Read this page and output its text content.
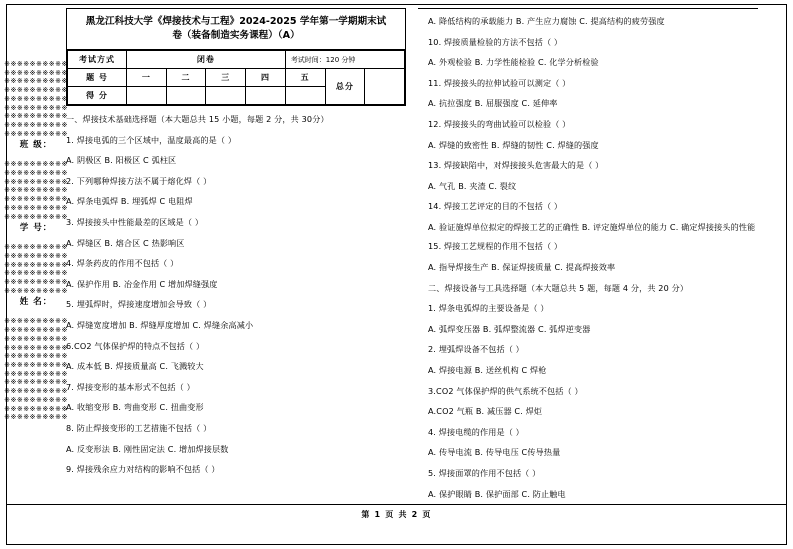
※※※※※※※※※※
※※※※※※※※※※
※※※※※※※※※※
※※※※※※※※※※
※※※※※※※※※※
※※※※※※※※※※
※※※※※※※※※※
※※※※※※※※※※
※※※※※※※※※※
班 级：
※※※※※※※※※※
※※※※※※※※※※
※※※※※※※※※※
※※※※※※※※※※
※※※※※※※※※※
※※※※※※※※※※
※※※※※※※※※※
学 号：
※※※※※※※※※※
※※※※※※※※※※
※※※※※※※※※※
※※※※※※※※※※
※※※※※※※※※※
※※※※※※※※※※
姓 名：
※※※※※※※※※※
※※※※※※※※※※
※※※※※※※※※※
※※※※※※※※※※
※※※※※※※※※※
※※※※※※※※※※
※※※※※※※※※※
※※※※※※※※※※
※※※※※※※※※※
※※※※※※※※※※
※※※※※※※※※※
※※※※※※※※※※
黑龙江科技大学《焊接技术与工程》2024-2025 学年第一学期期末试
卷（装备制造实务课程）（A）
考试方式	闭卷				考试时间：120 分钟		
题 号	一	二	三	四	五	总分	
得 分							
一、焊接技术基础选择题（本大题总共 15 小题，每题 2 分，共 30分）
1. 焊接电弧的三个区域中，温度最高的是（ ）
A. 阴极区 B. 阳极区 C 弧柱区
2. 下列哪种焊接方法不属于熔化焊（ ）
A. 焊条电弧焊 B. 埋弧焊 C 电阻焊
3. 焊接接头中性能最差的区域是（ ）
A. 焊缝区 B. 熔合区 C 热影响区
4. 焊条药皮的作用不包括（ ）
A. 保护作用 B. 冶金作用 C 增加焊缝强度
5. 埋弧焊时，焊接速度增加会导致（ ）
A. 焊缝宽度增加 B. 焊缝厚度增加 C. 焊缝余高减小
6.CO2 气体保护焊的特点不包括（ ）
A. 成本低 B. 焊接质量高 C. 飞溅较大
7. 焊接变形的基本形式不包括（ ）
A. 收缩变形 B. 弯曲变形 C. 扭曲变形
8. 防止焊接变形的工艺措施不包括（ ）
A. 反变形法 B. 刚性固定法 C. 增加焊接层数
9. 焊接残余应力对结构的影响不包括（ ）
A. 降低结构的承载能力 B. 产生应力腐蚀 C. 提高结构的疲劳强度
10. 焊接质量检验的方法不包括（ ）
A. 外观检验 B. 力学性能检验 C. 化学分析检验
11. 焊接接头的拉伸试验可以测定（ ）
A. 抗拉强度 B. 屈服强度 C. 延伸率
12. 焊接接头的弯曲试验可以检验（ ）
A. 焊缝的致密性 B. 焊缝的韧性 C. 焊缝的强度
13. 焊接缺陷中，对焊接接头危害最大的是（ ）
A. 气孔 B. 夹渣 C. 裂纹
14. 焊接工艺评定的目的不包括（ ）
A. 验证施焊单位拟定的焊接工艺的正确性 B. 评定施焊单位的能力 C. 确定焊接接头的性能
15. 焊接工艺规程的作用不包括（ ）
A. 指导焊接生产 B. 保证焊接质量 C. 提高焊接效率
二、焊接设备与工具选择题（本大题总共 5 题，每题 4 分，共 20 分）
1. 焊条电弧焊的主要设备是（ ）
A. 弧焊变压器 B. 弧焊整流器 C. 弧焊逆变器
2. 埋弧焊设备不包括（ ）
A. 焊接电源 B. 送丝机构 C 焊枪
3.CO2 气体保护焊的供气系统不包括（ ）
A.CO2 气瓶 B. 减压器 C. 焊炬
4. 焊接电缆的作用是（ ）
A. 传导电流 B. 传导电压 C传导热量
5. 焊接面罩的作用不包括（ ）
A. 保护眼睛 B. 保护面部 C. 防止触电
第 1 页 共 2 页
